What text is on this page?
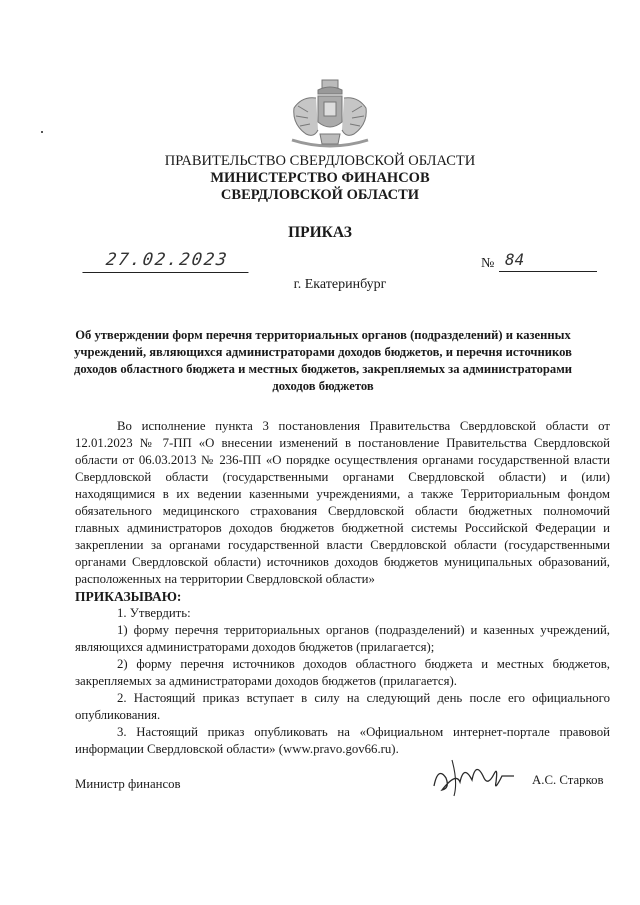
ПРАВИТЕЛЬСТВО СВЕРДЛОВСКОЙ ОБЛАСТИ
МИНИСТЕРСТВО ФИНАНСОВ
СВЕРДЛОВСКОЙ ОБЛАСТИ
ПРИКАЗ
27.02.2023	№ 84
г. Екатеринбург
Об утверждении форм перечня территориальных органов (подразделений) и казенных учреждений, являющихся администраторами доходов бюджетов, и перечня источников доходов областного бюджета и местных бюджетов, закрепляемых за администраторами доходов бюджетов

Во исполнение пункта 3 постановления Правительства Свердловской области от 12.01.2023 № 7-ПП «О внесении изменений в постановление Правительства Свердловской области от 06.03.2013 № 236-ПП «О порядке осуществления органами государственной власти Свердловской области (государственными органами Свердловской области) и (или) находящимися в их ведении казенными учреждениями, а также Территориальным фондом обязательного медицинского страхования Свердловской области бюджетных полномочий главных администраторов доходов бюджетов бюджетной системы Российской Федерации и закреплении за органами государственной власти Свердловской области (государственными органами Свердловской области) источников доходов бюджетов муниципальных образований, расположенных на территории Свердловской области»

ПРИКАЗЫВАЮ:

1. Утвердить:

1) форму перечня территориальных органов (подразделений) и казенных учреждений, являющихся администраторами доходов бюджетов (прилагается);

2) форму перечня источников доходов областного бюджета и местных бюджетов, закрепляемых за администраторами доходов бюджетов (прилагается).

2. Настоящий приказ вступает в силу на следующий день после его официального опубликования.

3. Настоящий приказ опубликовать на «Официальном интернет-портале правовой информации Свердловской области» (www.pravo.gov66.ru).

Министр финансов	А.С. Старков
